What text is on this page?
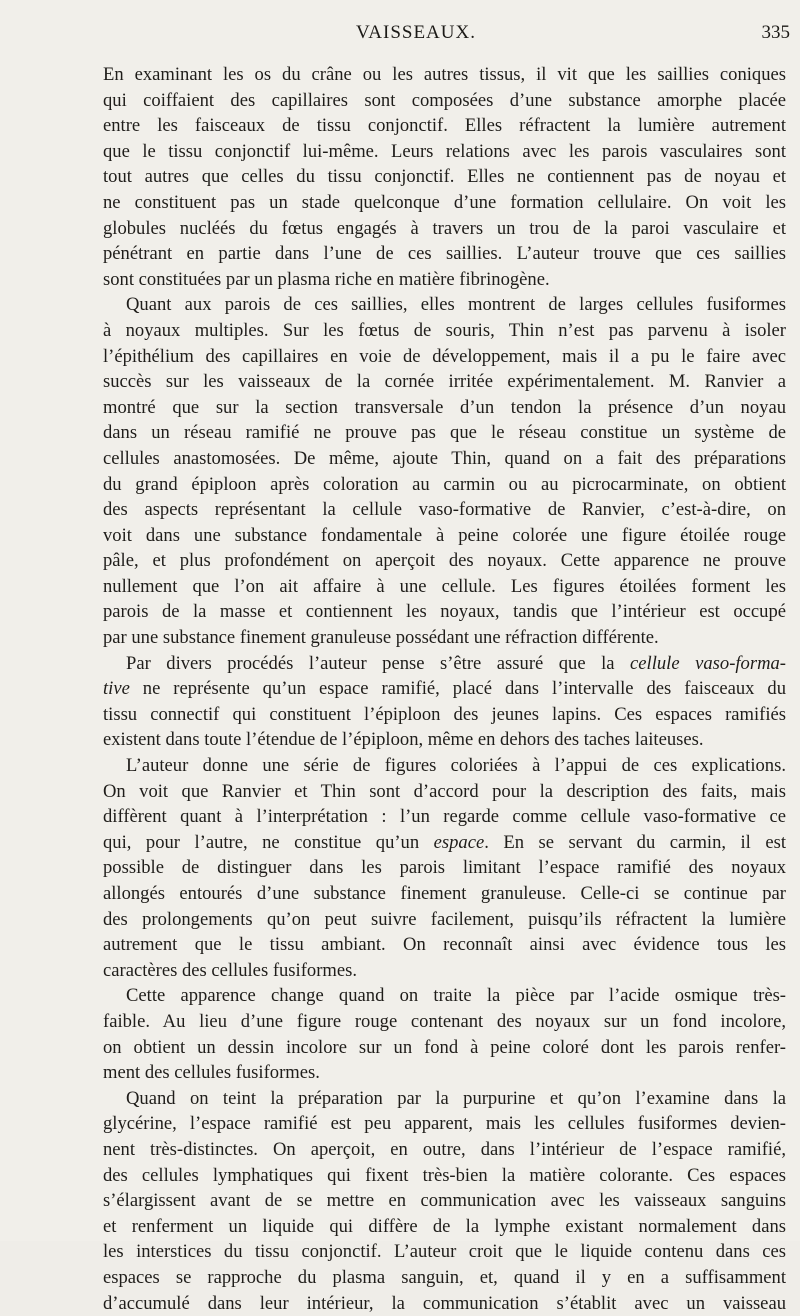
VAISSEAUX.	335
En examinant les os du crâne ou les autres tissus, il vit que les saillies coniques
qui coiffaient des capillaires sont composées d’une substance amorphe placée
entre les faisceaux de tissu conjonctif. Elles réfractent la lumière autrement
que le tissu conjonctif lui-même. Leurs relations avec les parois vasculaires sont
tout autres que celles du tissu conjonctif. Elles ne contiennent pas de noyau et
ne constituent pas un stade quelconque d’une formation cellulaire. On voit les
globules nucléés du fœtus engagés à travers un trou de la paroi vasculaire et
pénétrant en partie dans l’une de ces saillies. L’auteur trouve que ces saillies
sont constituées par un plasma riche en matière fibrinogène.
Quant aux parois de ces saillies, elles montrent de larges cellules fusiformes
à noyaux multiples. Sur les fœtus de souris, Thin n’est pas parvenu à isoler
l’épithélium des capillaires en voie de développement, mais il a pu le faire avec
succès sur les vaisseaux de la cornée irritée expérimentalement. M. Ranvier a
montré que sur la section transversale d’un tendon la présence d’un noyau
dans un réseau ramifié ne prouve pas que le réseau constitue un système de
cellules anastomosées. De même, ajoute Thin, quand on a fait des préparations
du grand épiploon après coloration au carmin ou au picrocarminate, on obtient
des aspects représentant la cellule vaso-formative de Ranvier, c’est-à-dire, on
voit dans une substance fondamentale à peine colorée une figure étoilée rouge
pâle, et plus profondément on aperçoit des noyaux. Cette apparence ne prouve
nullement que l’on ait affaire à une cellule. Les figures étoilées forment les
parois de la masse et contiennent les noyaux, tandis que l’intérieur est occupé
par une substance finement granuleuse possédant une réfraction différente.
Par divers procédés l’auteur pense s’être assuré que la cellule vaso-forma-
tive ne représente qu’un espace ramifié, placé dans l’intervalle des faisceaux du
tissu connectif qui constituent l’épiploon des jeunes lapins. Ces espaces ramifiés
existent dans toute l’étendue de l’épiploon, même en dehors des taches laiteuses.
L’auteur donne une série de figures coloriées à l’appui de ces explications.
On voit que Ranvier et Thin sont d’accord pour la description des faits, mais
diffèrent quant à l’interprétation : l’un regarde comme cellule vaso-formative ce
qui, pour l’autre, ne constitue qu’un espace. En se servant du carmin, il est
possible de distinguer dans les parois limitant l’espace ramifié des noyaux
allongés entourés d’une substance finement granuleuse. Celle-ci se continue par
des prolongements qu’on peut suivre facilement, puisqu’ils réfractent la lumière
autrement que le tissu ambiant. On reconnaît ainsi avec évidence tous les
caractères des cellules fusiformes.
Cette apparence change quand on traite la pièce par l’acide osmique très-
faible. Au lieu d’une figure rouge contenant des noyaux sur un fond incolore,
on obtient un dessin incolore sur un fond à peine coloré dont les parois renfer-
ment des cellules fusiformes.
Quand on teint la préparation par la purpurine et qu’on l’examine dans la
glycérine, l’espace ramifié est peu apparent, mais les cellules fusiformes devien-
nent très-distinctes. On aperçoit, en outre, dans l’intérieur de l’espace ramifié,
des cellules lymphatiques qui fixent très-bien la matière colorante. Ces espaces
s’élargissent avant de se mettre en communication avec les vaisseaux sanguins
et renferment un liquide qui diffère de la lymphe existant normalement dans
les interstices du tissu conjonctif. L’auteur croit que le liquide contenu dans ces
espaces se rapproche du plasma sanguin, et, quand il y en a suffisamment
d’accumulé dans leur intérieur, la communication s’établit avec un vaisseau
